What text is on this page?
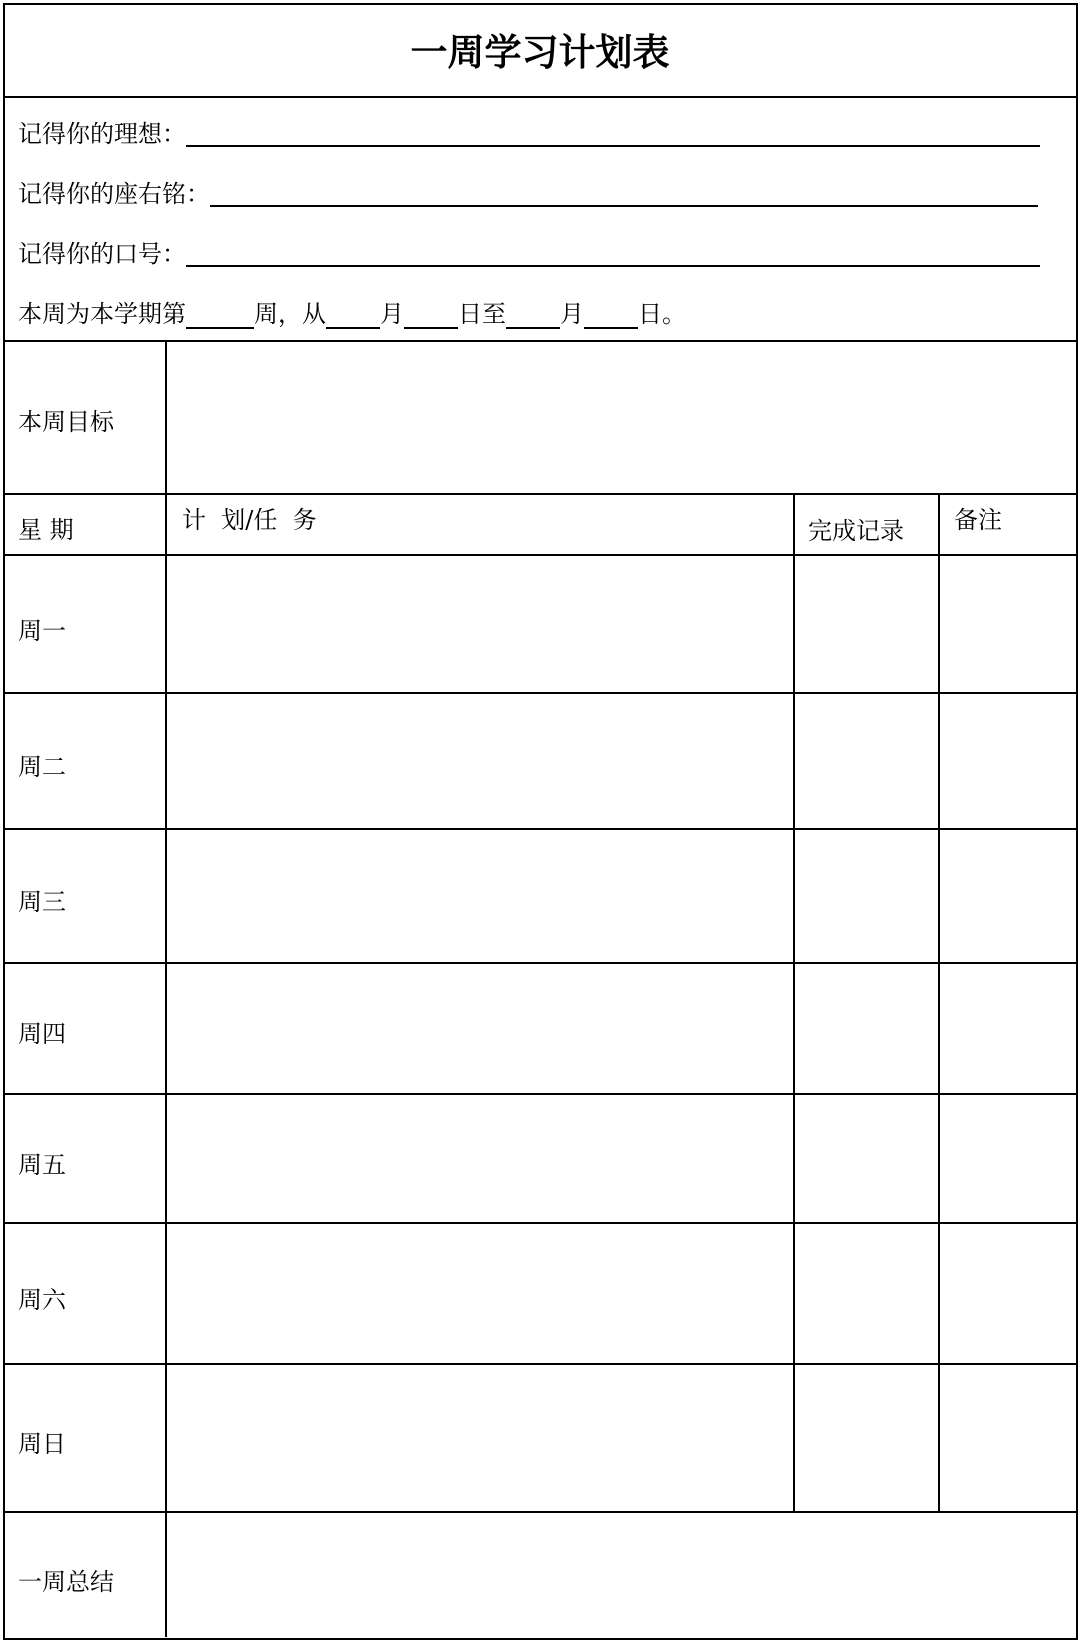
一周学习计划表
记得你的理想：
记得你的座右铭：
记得你的口号：
本周为本学期第	周，从 月 日至 月 日。
本周目标
星 期	计  划/任  务	完成记录 备注
周一
周二
周三
周四
周五
周六
周日
一周总结
